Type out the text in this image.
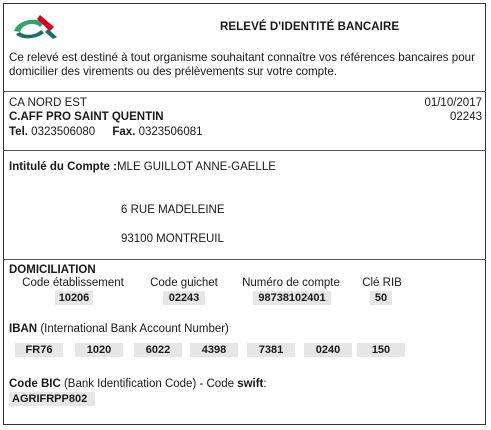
RELEVÉ D'IDENTITÉ BANCAIRE
Ce relevé est destiné à tout organisme souhaitant connaître vos références bancaires pour domicilier des virements ou des prélèvements sur votre compte.
CA NORD EST	01/10/2017
C.AFF PRO SAINT QUENTIN	02243
Tel. 0323506080 Fax. 0323506081
Intitulé du Compte :MLE GUILLOT ANNE-GAELLE
6 RUE MADELEINE
93100 MONTREUIL
DOMICILIATION
Code établissement	Code guichet	Numéro de compte	Clé RIB
10206	02243	98738102401	50
IBAN (International Bank Account Number)
FR76	1020	6022	4398	7381	0240	150
Code BIC (Bank Identification Code) - Code swift:
AGRIFRPP802
